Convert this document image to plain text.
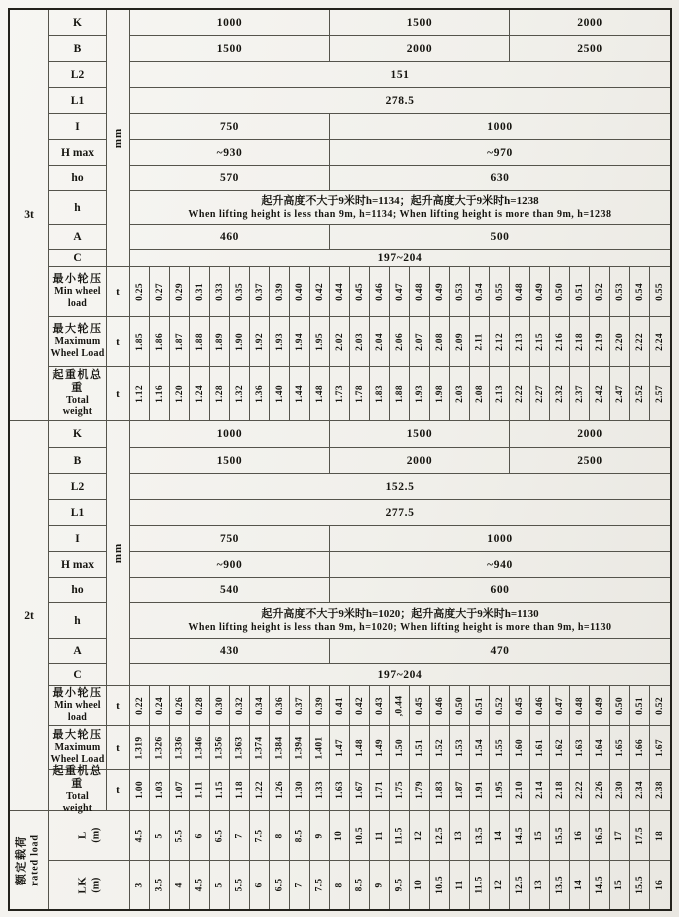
3t
mm
K	1000	1500	2000
B	1500	2000	2500
L2	151
L1	278.5
I	750	1000
H max	~930	~970
ho	570	630
h
起升高度不大于9米时h=1134；起升高度大于9米时h=1238
When lifting height is less than 9m, h=1134; When lifting height is more than 9m, h=1238
A	460	500
C	197~204
最小轮压
Min wheel load
t	0.25 0.27 0.29 0.31 0.33 0.35 0.37 0.39 0.40 0.42 0.44 0.45 0.46 0.47 0.48 0.49 0.53 0.54 0.55 0.48 0.49 0.50 0.51 0.52 0.53 0.54 0.55
最大轮压
Maximum Wheel Load
t	1.85 1.86 1.87 1.88 1.89 1.90 1.92 1.93 1.94 1.95 2.02 2.03 2.04 2.06 2.07 2.08 2.09 2.11 2.12 2.13 2.15 2.16 2.18 2.19 2.20 2.22 2.24
起重机总重
Total weight
t	1.12 1.16 1.20 1.24 1.28 1.32 1.36 1.40 1.44 1.48 1.73 1.78 1.83 1.88 1.93 1.98 2.03 2.08 2.13 2.22 2.27 2.32 2.37 2.42 2.47 2.52 2.57
2t
mm
K	1000	1500	2000
B	1500	2000	2500
L2	152.5
L1	277.5
I	750	1000
H max	~900	~940
ho	540	600
h
起升高度不大于9米时h=1020；起升高度大于9米时h=1130
When lifting height is less than 9m, h=1020; When lifting height is more than 9m, h=1130
A	430	470
C	197~204
最小轮压
Min wheel load
t	0.22 0.24 0.26 0.28 0.30 0.32 0.34 0.36 0.37 0.39 0.41 0.42 0.43 ,0.44 0.45 0.46 0.50 0.51 0.52 0.45 0.46 0.47 0.48 0.49 0.50 0.51 0.52
最大轮压
Maximum Wheel Load
t	1.319 1.326 1.336 1.346 1.356 1.363 1.374 1.384 1.394 1.401 1.47 1.48 1.49 1.50 1.51 1.52 1.53 1.54 1.55 1.60 1.61 1.62 1.63 1.64 1.65 1.66 1.67
起重机总重
Total weight
t	1.00 1.03 1.07 1.11 1.15 1.18 1.22 1.26 1.30 1.33 1.63 1.67 1.71 1.75 1.79 1.83 1.87 1.91 1.95 2.10 2.14 2.18 2.22 2.26 2.30 2.34 2.38
额定载荷 rated load	L (m)	4.5 5 5.5 6 6.5 7 7.5 8 8.5 9 10 10.5 11 11.5 12 12.5 13 13.5 14 14.5 15 15.5 16 16.5 17 17.5 18
LK (m)	3 3.5 4 4.5 5 5.5 6 6.5 7 7.5 8 8.5 9 9.5 10 10.5 11 11.5 12 12.5 13 13.5 14 14.5 15 15.5 16
